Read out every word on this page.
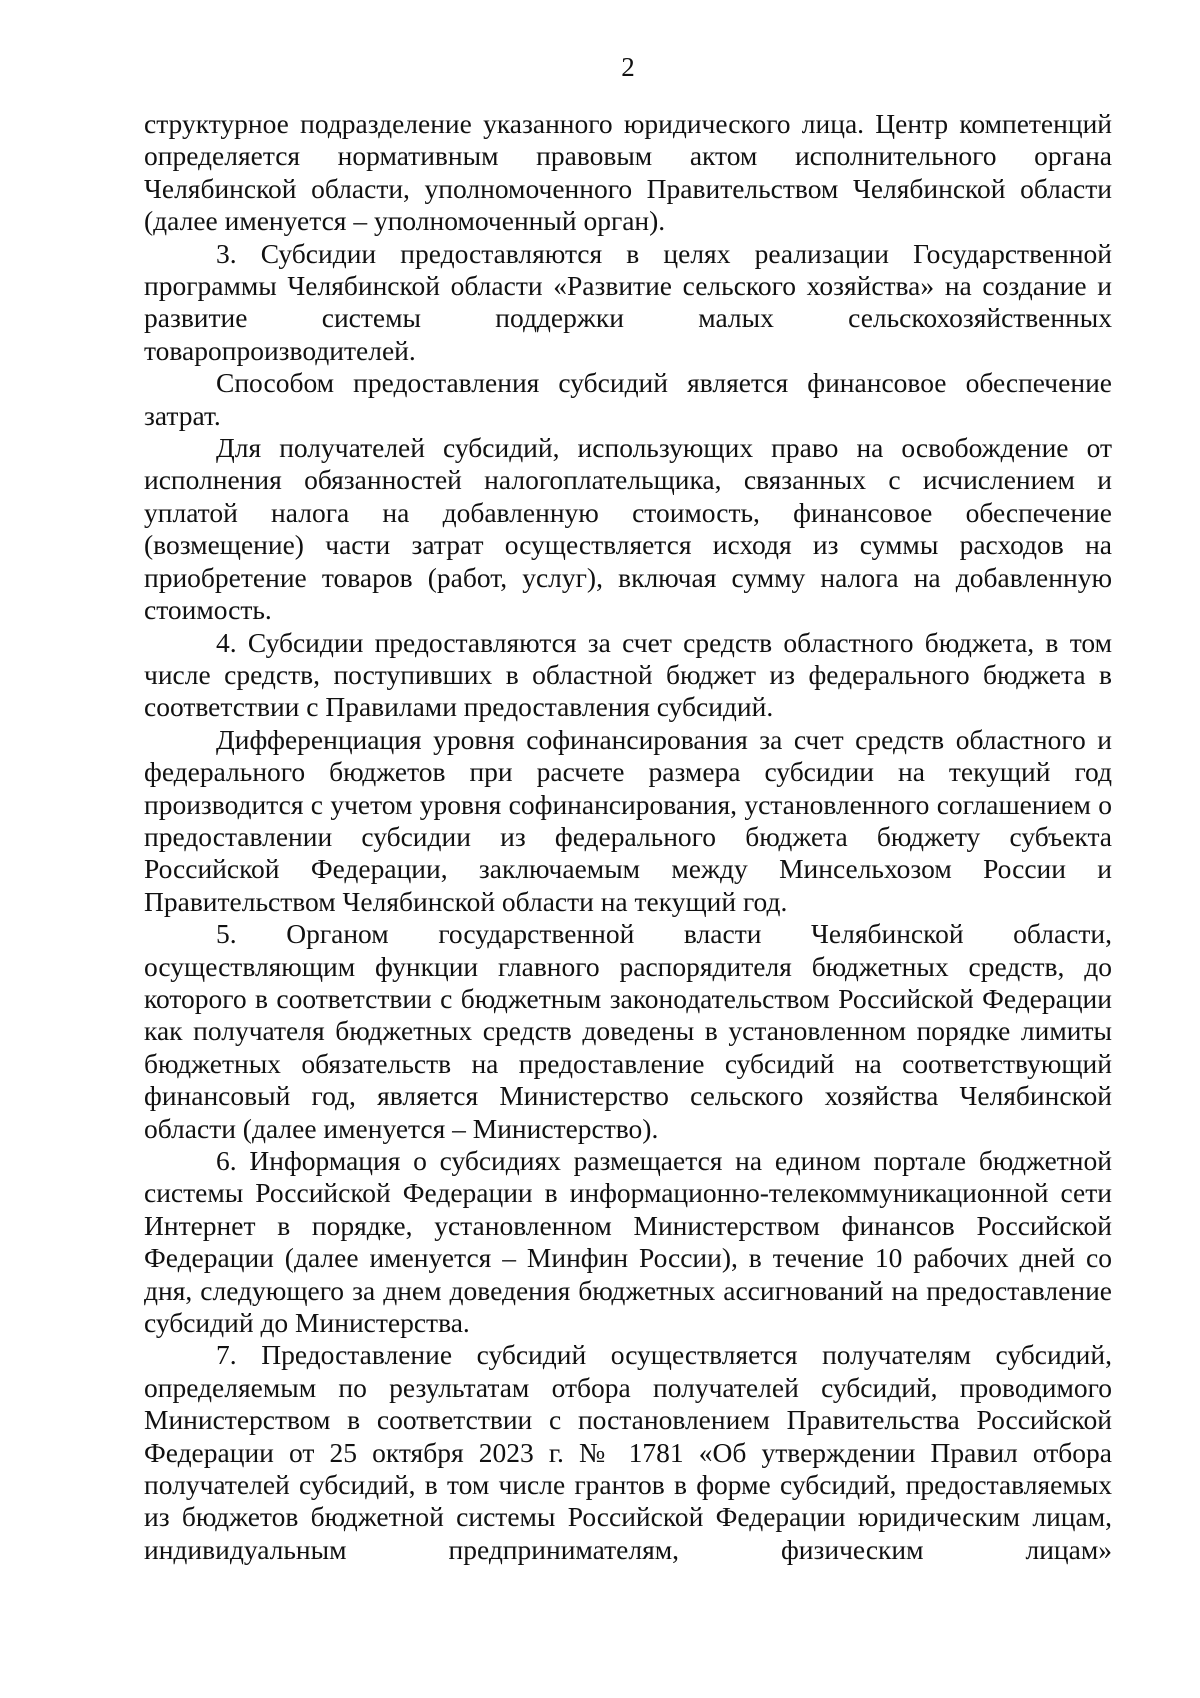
2

структурное подразделение указанного юридического лица. Центр компетенций определяется нормативным правовым актом исполнительного органа Челябинской области, уполномоченного Правительством Челябинской области (далее именуется – уполномоченный орган).

3. Субсидии предоставляются в целях реализации Государственной программы Челябинской области «Развитие сельского хозяйства» на создание и развитие системы поддержки малых сельскохозяйственных товаропроизводителей.

Способом предоставления субсидий является финансовое обеспечение затрат.

Для получателей субсидий, использующих право на освобождение от исполнения обязанностей налогоплательщика, связанных с исчислением и уплатой налога на добавленную стоимость, финансовое обеспечение (возмещение) части затрат осуществляется исходя из суммы расходов на приобретение товаров (работ, услуг), включая сумму налога на добавленную стоимость.

4. Субсидии предоставляются за счет средств областного бюджета, в том числе средств, поступивших в областной бюджет из федерального бюджета в соответствии с Правилами предоставления субсидий.

Дифференциация уровня софинансирования за счет средств областного и федерального бюджетов при расчете размера субсидии на текущий год производится с учетом уровня софинансирования, установленного соглашением о предоставлении субсидии из федерального бюджета бюджету субъекта Российской Федерации, заключаемым между Минсельхозом России и Правительством Челябинской области на текущий год.

5. Органом государственной власти Челябинской области, осуществляющим функции главного распорядителя бюджетных средств, до которого в соответствии с бюджетным законодательством Российской Федерации как получателя бюджетных средств доведены в установленном порядке лимиты бюджетных обязательств на предоставление субсидий на соответствующий финансовый год, является Министерство сельского хозяйства Челябинской области (далее именуется – Министерство).

6. Информация о субсидиях размещается на едином портале бюджетной системы Российской Федерации в информационно-телекоммуникационной сети Интернет в порядке, установленном Министерством финансов Российской Федерации (далее именуется – Минфин России), в течение 10 рабочих дней со дня, следующего за днем доведения бюджетных ассигнований на предоставление субсидий до Министерства.

7. Предоставление субсидий осуществляется получателям субсидий, определяемым по результатам отбора получателей субсидий, проводимого Министерством в соответствии с постановлением Правительства Российской Федерации от 25 октября 2023 г. № 1781 «Об утверждении Правил отбора получателей субсидий, в том числе грантов в форме субсидий, предоставляемых из бюджетов бюджетной системы Российской Федерации юридическим лицам, индивидуальным предпринимателям, физическим лицам»
